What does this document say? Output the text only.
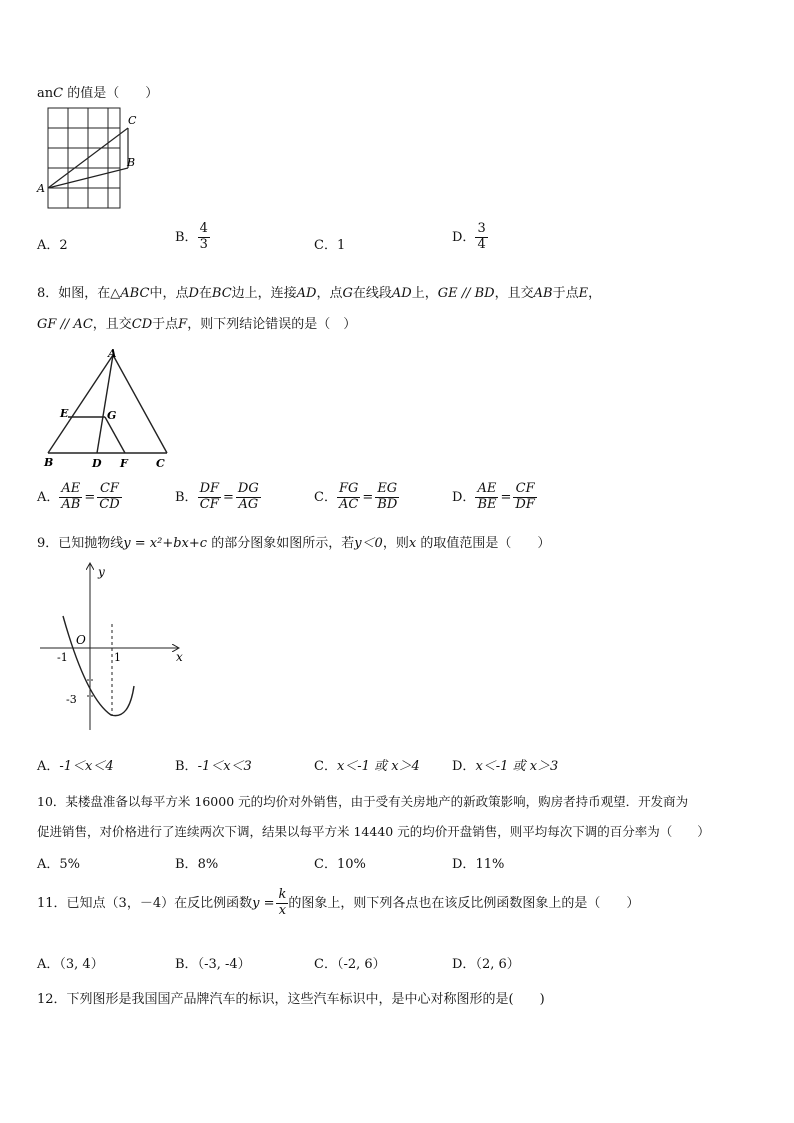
anC 的值是（　　）
A
B
C
A．2
B． $\frac{4}{3}$	C．1
D． $\frac{3}{4}$
8．如图，在△ABC中，点D在BC边上，连接AD，点G在线段AD上，GE // BD，且交AB于点E，
GF // AC，且交CD于点F，则下列结论错误的是（　）
A
B	C
D
E
F
G
A． $\frac{AE}{AB} = \frac{CF}{CD}$	B． $\frac{DF}{CF} = \frac{DG}{AG}$	C． $\frac{FG}{AC} = \frac{EG}{BD}$	D． $\frac{AE}{BE} = \frac{CF}{DF}$
9．已知抛物线y = x²+bx+c 的部分图象如图所示，若y＜0，则x 的取值范围是（　　）
y
x
O
-1	1
-3
A．-1＜x＜4	B．-1＜x＜3	C．x＜-1 或 x＞4 D．x＜-1 或 x＞3
10．某楼盘准备以每平方米 16000 元的均价对外销售，由于受有关房地产的新政策影响，购房者持币观望．开发商为
促进销售，对价格进行了连续两次下调，结果以每平方米 14440 元的均价开盘销售，则平均每次下调的百分率为（　　）
A．5%	B．8%	C．10%	D．11%
11．已知点（3，－4）在反比例函数$y = \frac{k}{x}$ 的图象上，则下列各点也在该反比例函数图象上的是（　　）
A．（3, 4）	B．（-3, -4）	C．（-2, 6）	D．（2, 6）
12．下列图形是我国国产品牌汽车的标识，这些汽车标识中，是中心对称图形的是(　　)
